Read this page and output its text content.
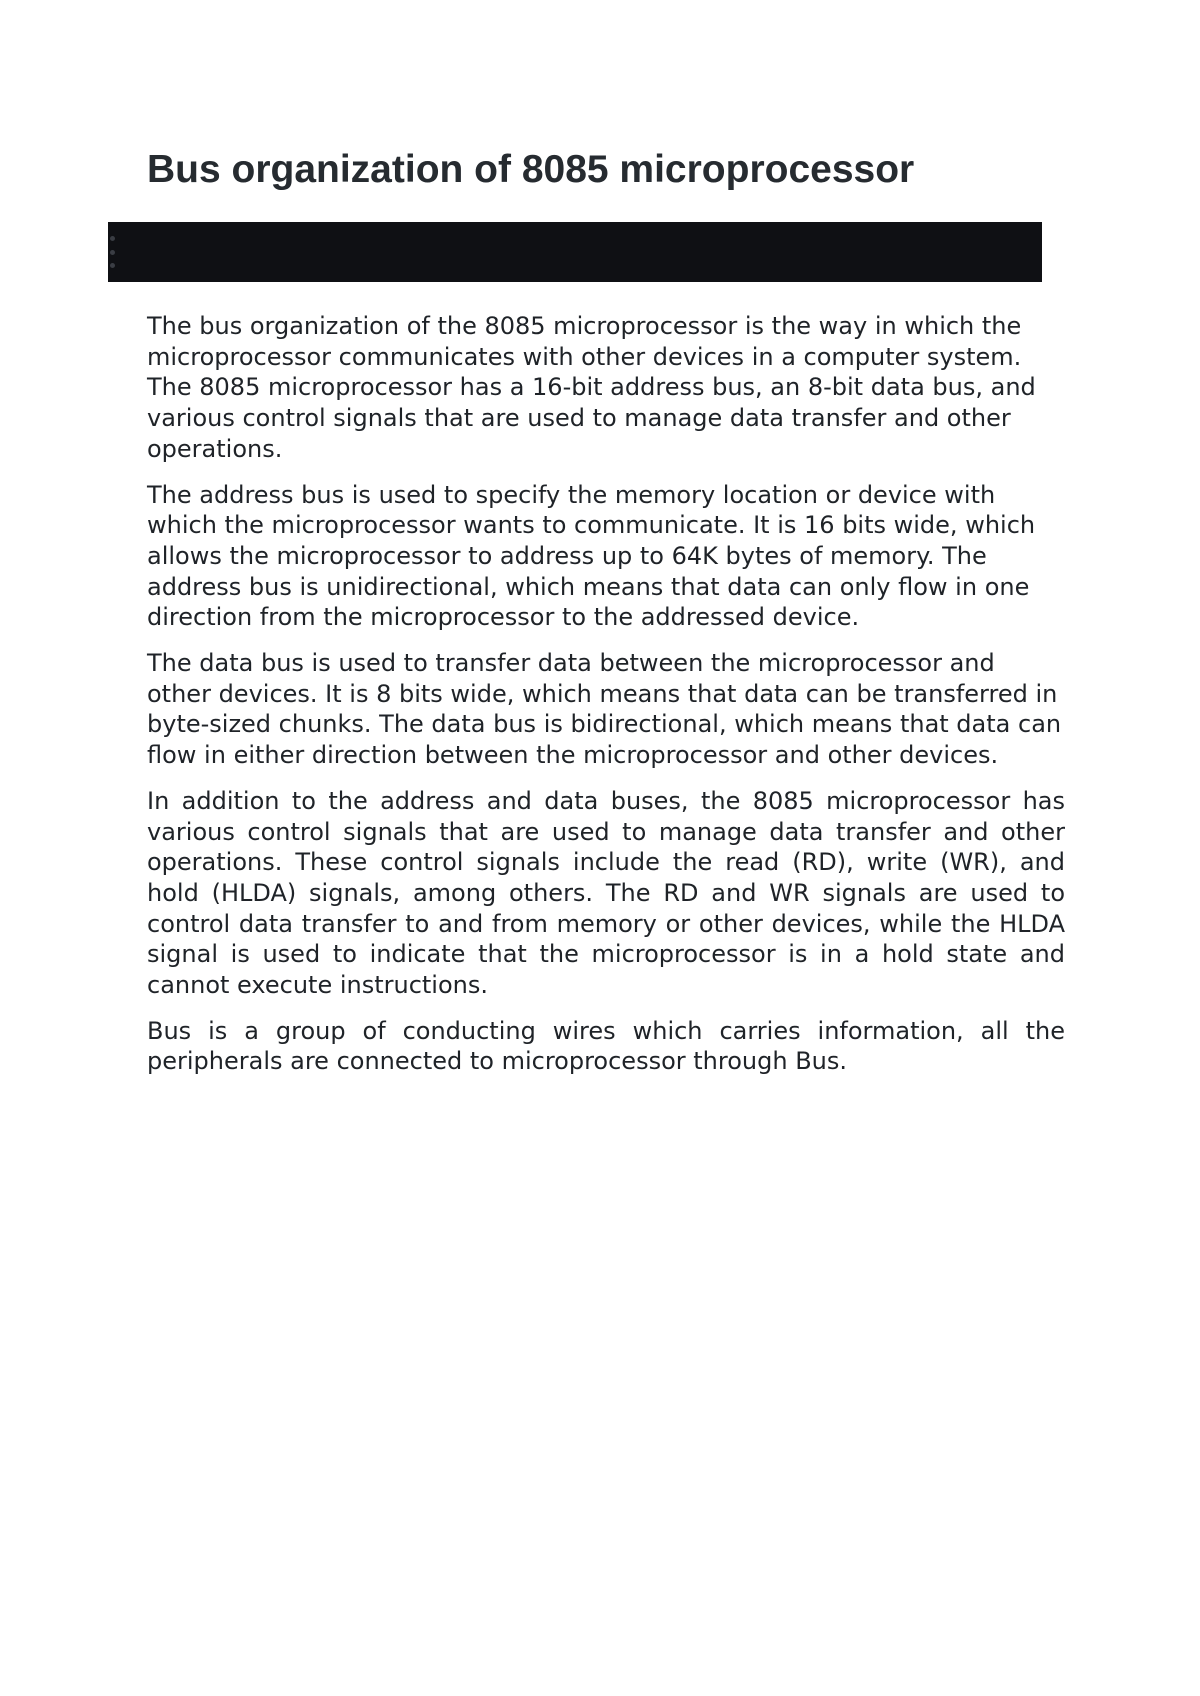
Bus organization of 8085 microprocessor

The bus organization of the 8085 microprocessor is the way in which the microprocessor communicates with other devices in a computer system. The 8085 microprocessor has a 16-bit address bus, an 8-bit data bus, and various control signals that are used to manage data transfer and other operations.

The address bus is used to specify the memory location or device with which the microprocessor wants to communicate. It is 16 bits wide, which allows the microprocessor to address up to 64K bytes of memory. The address bus is unidirectional, which means that data can only flow in one direction from the microprocessor to the addressed device.

The data bus is used to transfer data between the microprocessor and other devices. It is 8 bits wide, which means that data can be transferred in byte-sized chunks. The data bus is bidirectional, which means that data can flow in either direction between the microprocessor and other devices.

In addition to the address and data buses, the 8085 microprocessor has various control signals that are used to manage data transfer and other operations. These control signals include the read (RD), write (WR), and hold (HLDA) signals, among others. The RD and WR signals are used to control data transfer to and from memory or other devices, while the HLDA signal is used to indicate that the microprocessor is in a hold state and cannot execute instructions.

Bus is a group of conducting wires which carries information, all the peripherals are connected to microprocessor through Bus.
